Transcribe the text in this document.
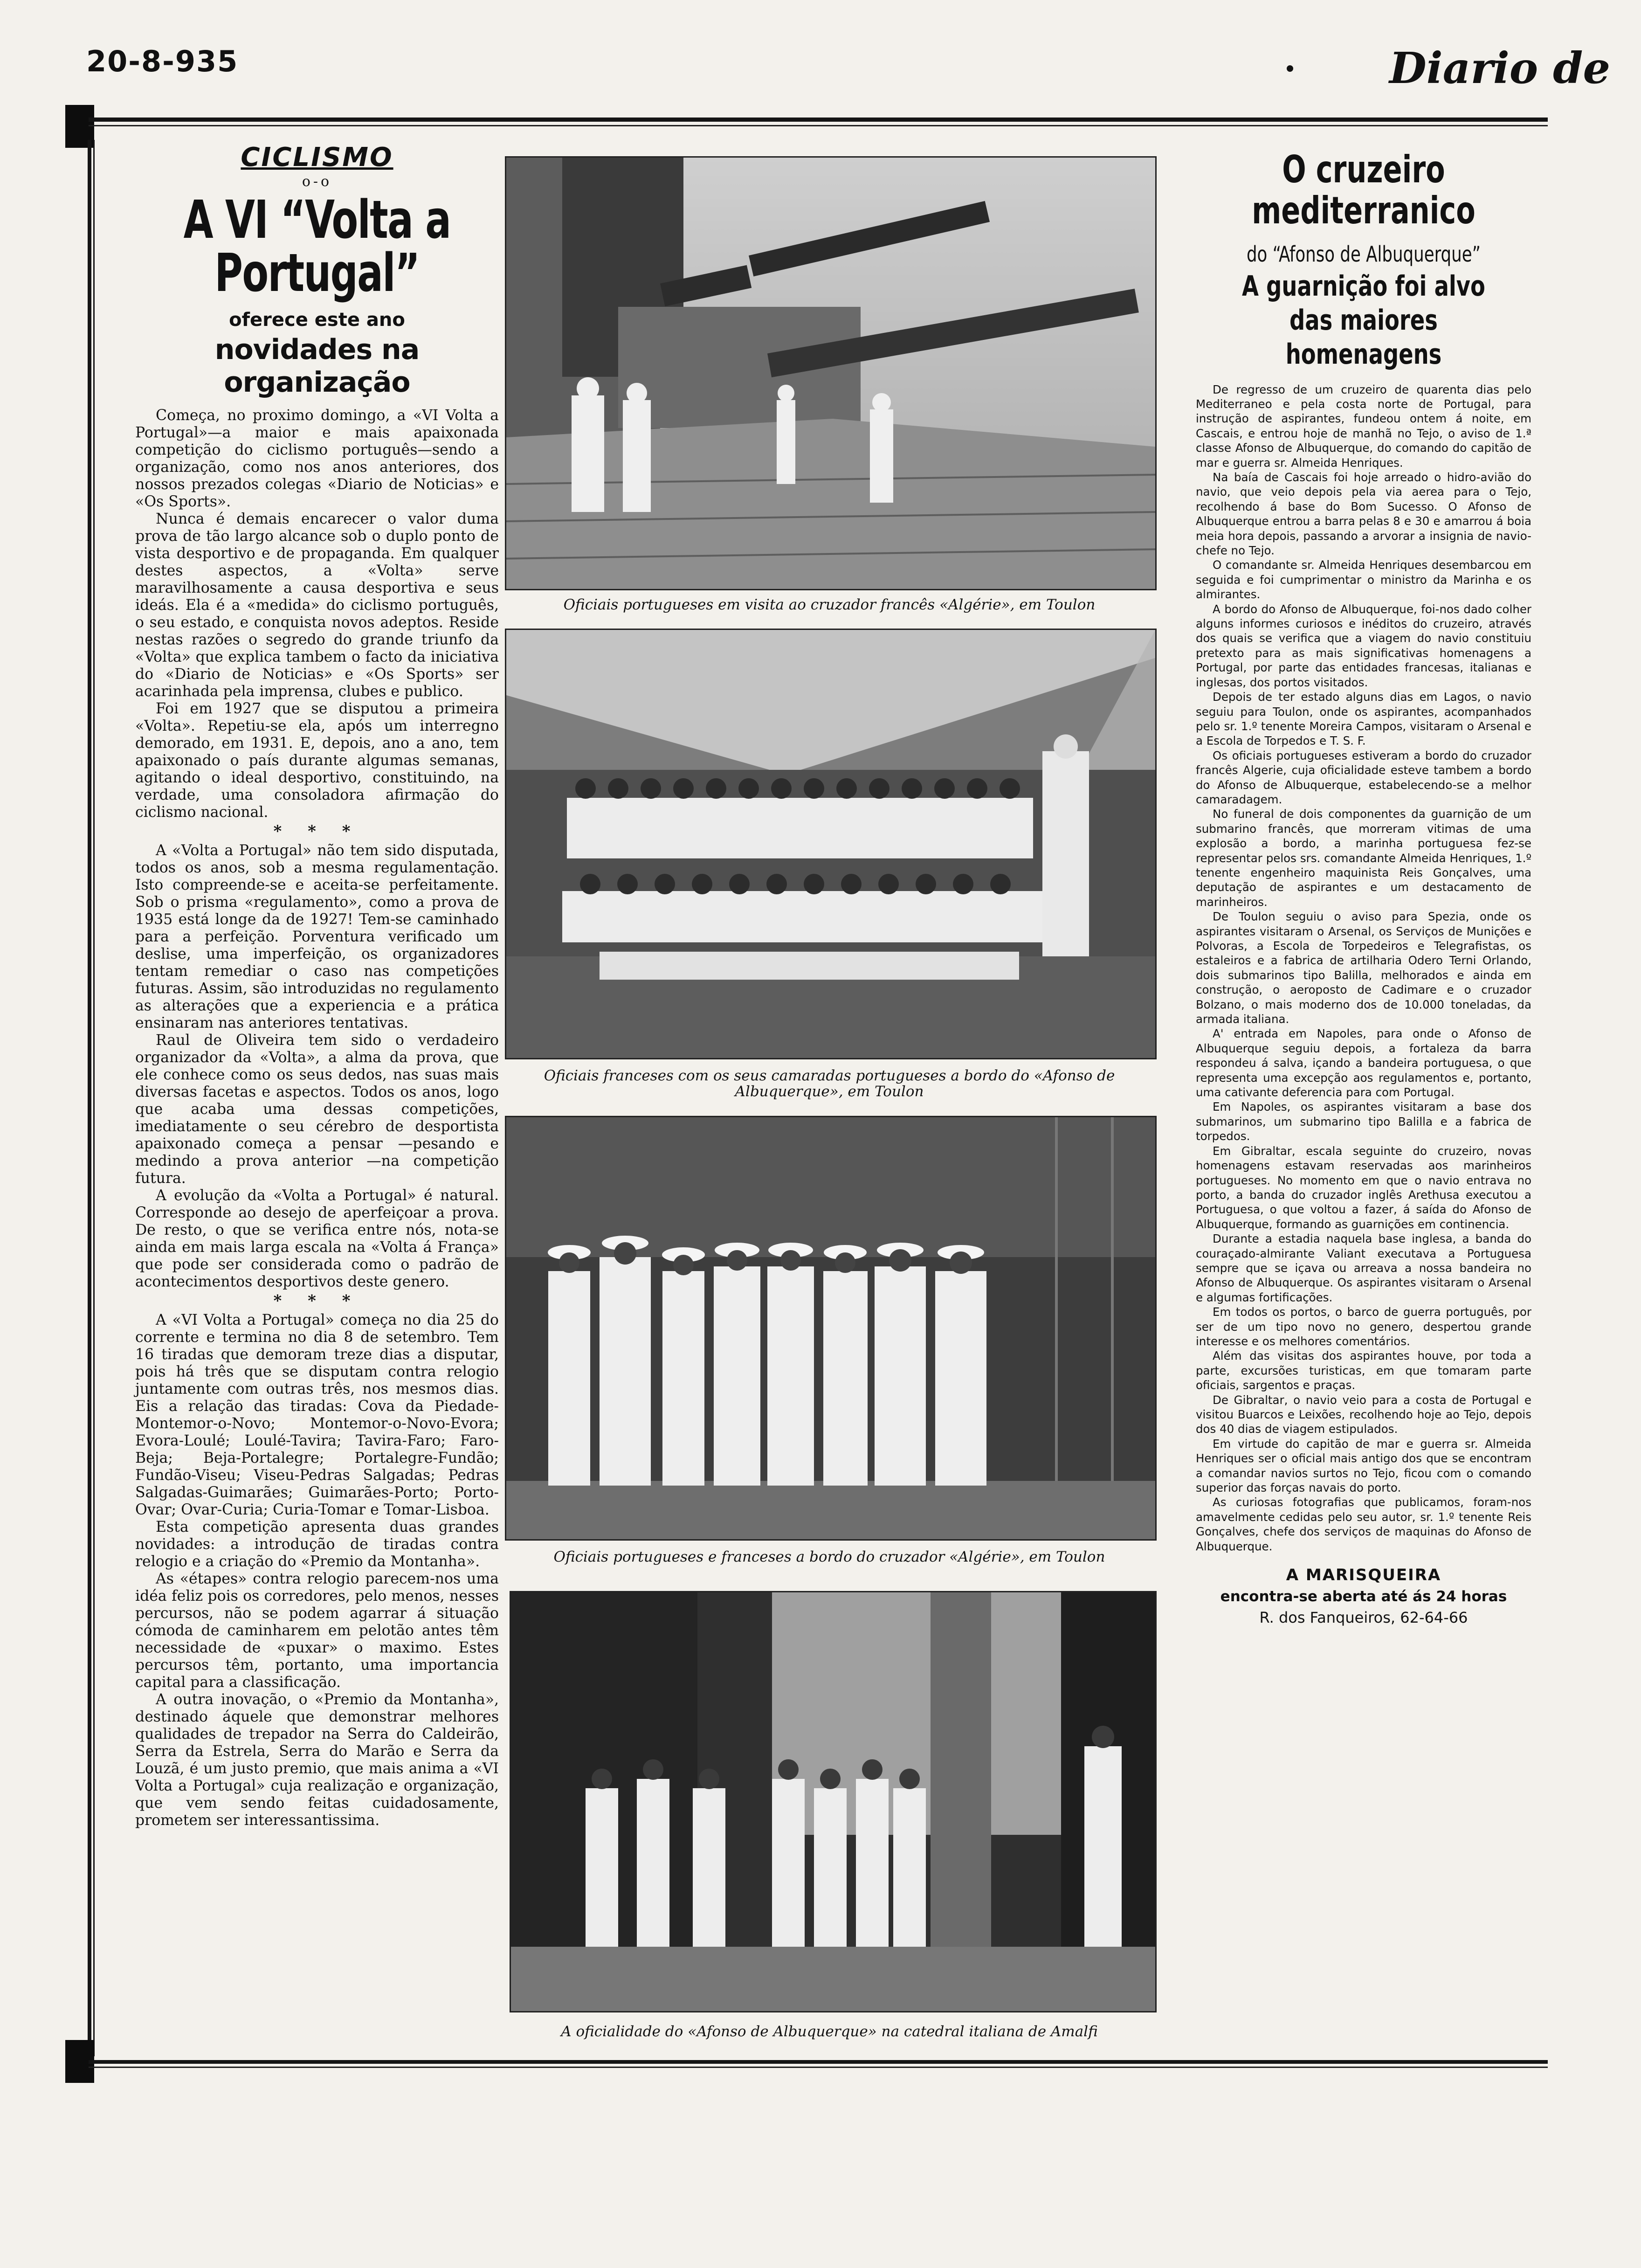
20-8-935	Diario de
CICLISMO
o-o
A VI “Volta a Portugal”
oferece este ano
novidades na organização

Começa, no proximo domingo, a «VI Volta a Portugal»—a maior e mais apaixonada competição do ciclismo português—sendo a organização, como nos anos anteriores, dos nossos prezados colegas «Diario de Noticias» e «Os Sports».

Nunca é demais encarecer o valor duma prova de tão largo alcance sob o duplo ponto de vista desportivo e de propaganda. Em qualquer destes aspectos, a «Volta» serve maravilhosamente a causa desportiva e seus ideás. Ela é a «medida» do ciclismo português, o seu estado, e conquista novos adeptos. Reside nestas razões o segredo do grande triunfo da «Volta» que explica tambem o facto da iniciativa do «Diario de Noticias» e «Os Sports» ser acarinhada pela imprensa, clubes e publico.

Foi em 1927 que se disputou a primeira «Volta». Repetiu-se ela, após um interregno demorado, em 1931. E, depois, ano a ano, tem apaixonado o país durante algumas semanas, agitando o ideal desportivo, constituindo, na verdade, uma consoladora afirmação do ciclismo nacional.

* * *

A «Volta a Portugal» não tem sido disputada, todos os anos, sob a mesma regulamentação. Isto compreende-se e aceita-se perfeitamente. Sob o prisma «regulamento», como a prova de 1935 está longe da de 1927! Tem-se caminhado para a perfeição. Porventura verificado um deslise, uma imperfeição, os organizadores tentam remediar o caso nas competições futuras. Assim, são introduzidas no regulamento as alterações que a experiencia e a prática ensinaram nas anteriores tentativas.

Raul de Oliveira tem sido o verdadeiro organizador da «Volta», a alma da prova, que ele conhece como os seus dedos, nas suas mais diversas facetas e aspectos. Todos os anos, logo que acaba uma dessas competições, imediatamente o seu cérebro de desportista apaixonado começa a pensar —pesando e medindo a prova anterior —na competição futura.

A evolução da «Volta a Portugal» é natural. Corresponde ao desejo de aperfeiçoar a prova. De resto, o que se verifica entre nós, nota-se ainda em mais larga escala na «Volta á França» que pode ser considerada como o padrão de acontecimentos desportivos deste genero.

* * *

A «VI Volta a Portugal» começa no dia 25 do corrente e termina no dia 8 de setembro. Tem 16 tiradas que demoram treze dias a disputar, pois há três que se disputam contra relogio juntamente com outras três, nos mesmos dias. Eis a relação das tiradas: Cova da Piedade-Montemor-o-Novo; Montemor-o-Novo-Evora; Evora-Loulé; Loulé-Tavira; Tavira-Faro; Faro-Beja; Beja-Portalegre; Portalegre-Fundão; Fundão-Viseu; Viseu-Pedras Salgadas; Pedras Salgadas-Guimarães; Guimarães-Porto; Porto-Ovar; Ovar-Curia; Curia-Tomar e Tomar-Lisboa.

Esta competição apresenta duas grandes novidades: a introdução de tiradas contra relogio e a criação do «Premio da Montanha».

As «étapes» contra relogio parecem-nos uma idéa feliz pois os corredores, pelo menos, nesses percursos, não se podem agarrar á situação cómoda de caminharem em pelotão antes têm necessidade de «puxar» o maximo. Estes percursos têm, portanto, uma importancia capital para a classificação.

A outra inovação, o «Premio da Montanha», destinado áquele que demonstrar melhores qualidades de trepador na Serra do Caldeirão, Serra da Estrela, Serra do Marão e Serra da Louzã, é um justo premio, que mais anima a «VI Volta a Portugal» cuja realização e organização, que vem sendo feitas cuidadosamente, prometem ser interessantissima.

Oficiais portugueses em visita ao cruzador francês «Algérie», em Toulon
Oficiais franceses com os seus camaradas portugueses a bordo do «Afonso de Albuquerque», em Toulon
Oficiais portugueses e franceses a bordo do cruzador «Algérie», em Toulon
A oficialidade do «Afonso de Albuquerque» na catedral italiana de Amalfi
O cruzeiro mediterranico
do “Afonso de Albuquerque”
A guarnição foi alvo das maiores homenagens

De regresso de um cruzeiro de quarenta dias pelo Mediterraneo e pela costa norte de Portugal, para instrução de aspirantes, fundeou ontem á noite, em Cascais, e entrou hoje de manhã no Tejo, o aviso de 1.ª classe Afonso de Albuquerque, do comando do capitão de mar e guerra sr. Almeida Henriques.

Na baía de Cascais foi hoje arreado o hidro-avião do navio, que veio depois pela via aerea para o Tejo, recolhendo á base do Bom Sucesso. O Afonso de Albuquerque entrou a barra pelas 8 e 30 e amarrou á boia meia hora depois, passando a arvorar a insignia de navio-chefe no Tejo.

O comandante sr. Almeida Henriques desembarcou em seguida e foi cumprimentar o ministro da Marinha e os almirantes.

A bordo do Afonso de Albuquerque, foi-nos dado colher alguns informes curiosos e inéditos do cruzeiro, através dos quais se verifica que a viagem do navio constituiu pretexto para as mais significativas homenagens a Portugal, por parte das entidades francesas, italianas e inglesas, dos portos visitados.

Depois de ter estado alguns dias em Lagos, o navio seguiu para Toulon, onde os aspirantes, acompanhados pelo sr. 1.º tenente Moreira Campos, visitaram o Arsenal e a Escola de Torpedos e T. S. F.

Os oficiais portugueses estiveram a bordo do cruzador francês Algerie, cuja oficialidade esteve tambem a bordo do Afonso de Albuquerque, estabelecendo-se a melhor camaradagem.

No funeral de dois componentes da guarnição de um submarino francês, que morreram vitimas de uma explosão a bordo, a marinha portuguesa fez-se representar pelos srs. comandante Almeida Henriques, 1.º tenente engenheiro maquinista Reis Gonçalves, uma deputação de aspirantes e um destacamento de marinheiros.

De Toulon seguiu o aviso para Spezia, onde os aspirantes visitaram o Arsenal, os Serviços de Munições e Polvoras, a Escola de Torpedeiros e Telegrafistas, os estaleiros e a fabrica de artilharia Odero Terni Orlando, dois submarinos tipo Balilla, melhorados e ainda em construção, o aeroposto de Cadimare e o cruzador Bolzano, o mais moderno dos de 10.000 toneladas, da armada italiana.

A' entrada em Napoles, para onde o Afonso de Albuquerque seguiu depois, a fortaleza da barra respondeu á salva, içando a bandeira portuguesa, o que representa uma excepção aos regulamentos e, portanto, uma cativante deferencia para com Portugal.

Em Napoles, os aspirantes visitaram a base dos submarinos, um submarino tipo Balilla e a fabrica de torpedos.

Em Gibraltar, escala seguinte do cruzeiro, novas homenagens estavam reservadas aos marinheiros portugueses. No momento em que o navio entrava no porto, a banda do cruzador inglês Arethusa executou a Portuguesa, o que voltou a fazer, á saída do Afonso de Albuquerque, formando as guarnições em continencia.

Durante a estadia naquela base inglesa, a banda do couraçado-almirante Valiant executava a Portuguesa sempre que se içava ou arreava a nossa bandeira no Afonso de Albuquerque. Os aspirantes visitaram o Arsenal e algumas fortificações.

Em todos os portos, o barco de guerra português, por ser de um tipo novo no genero, despertou grande interesse e os melhores comentários.

Além das visitas dos aspirantes houve, por toda a parte, excursões turisticas, em que tomaram parte oficiais, sargentos e praças.

De Gibraltar, o navio veio para a costa de Portugal e visitou Buarcos e Leixões, recolhendo hoje ao Tejo, depois dos 40 dias de viagem estipulados.

Em virtude do capitão de mar e guerra sr. Almeida Henriques ser o oficial mais antigo dos que se encontram a comandar navios surtos no Tejo, ficou com o comando superior das forças navais do porto.

As curiosas fotografias que publicamos, foram-nos amavelmente cedidas pelo seu autor, sr. 1.º tenente Reis Gonçalves, chefe dos serviços de maquinas do Afonso de Albuquerque.

A MARISQUEIRA
encontra-se aberta até ás 24 horas
R. dos Fanqueiros, 62-64-66
